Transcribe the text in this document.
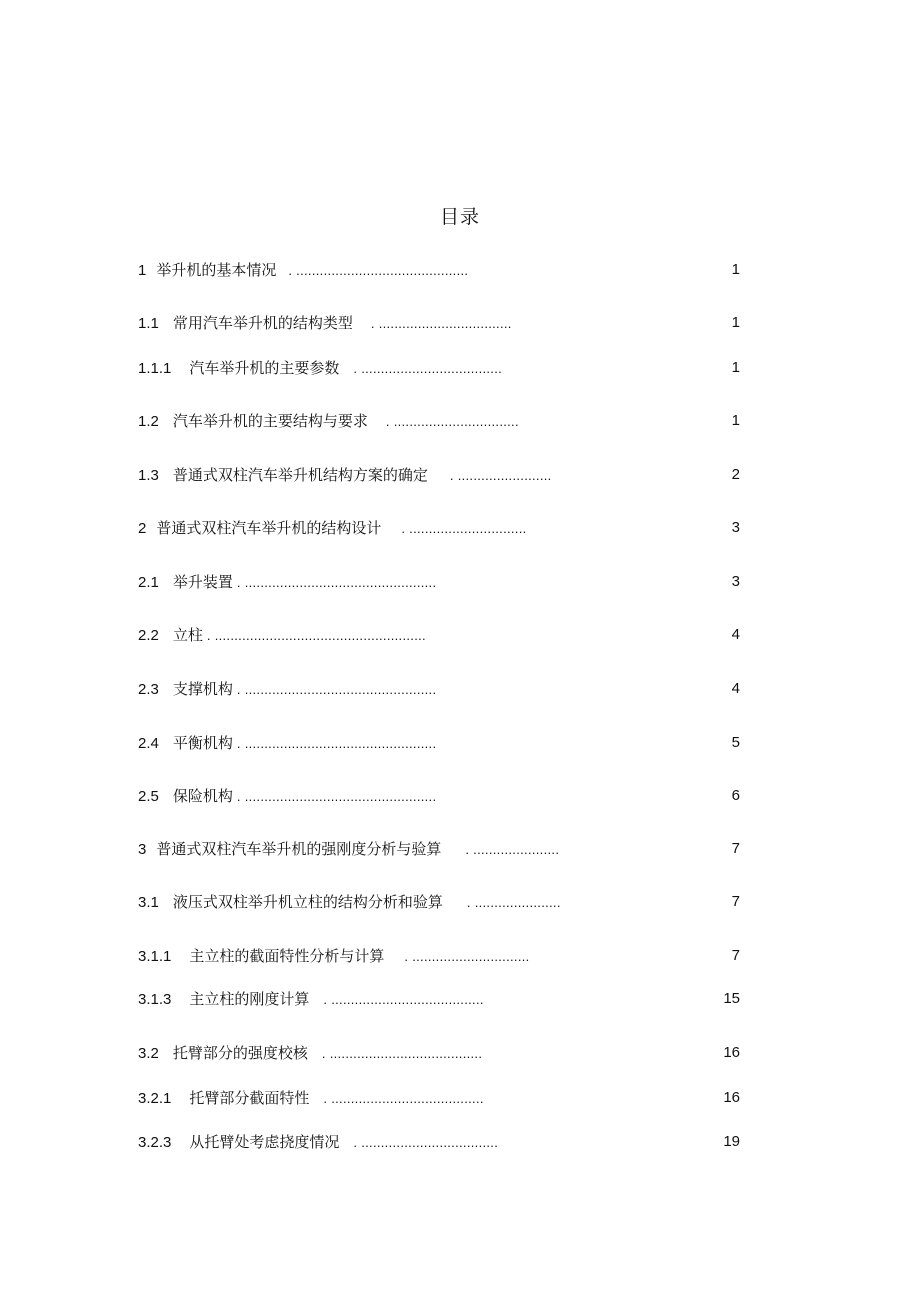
目录
1 举升机的基本情况 . ............................................	1
1.1 常用汽车举升机的结构类型 . ..................................	1
1.1.1 汽车举升机的主要参数 . ....................................	1
1.2 汽车举升机的主要结构与要求 . ................................	1
1.3 普通式双柱汽车举升机结构方案的确定 . ........................	2
2 普通式双柱汽车举升机的结构设计 . ..............................	3
2.1 举升装置 . .................................................	3
2.2 立柱 . ......................................................	4
2.3 支撑机构 . .................................................	4
2.4 平衡机构 . .................................................	5
2.5 保险机构 . .................................................	6
3 普通式双柱汽车举升机的强刚度分析与验算 . ......................	7
3.1 液压式双柱举升机立柱的结构分析和验算 . ......................	7
3.1.1 主立柱的截面特性分析与计算 . ..............................	7
3.1.3 主立柱的刚度计算 . .......................................	15
3.2 托臂部分的强度校核 . .......................................	16
3.2.1 托臂部分截面特性 . .......................................	16
3.2.3 从托臂处考虑挠度情况 . ...................................	19
